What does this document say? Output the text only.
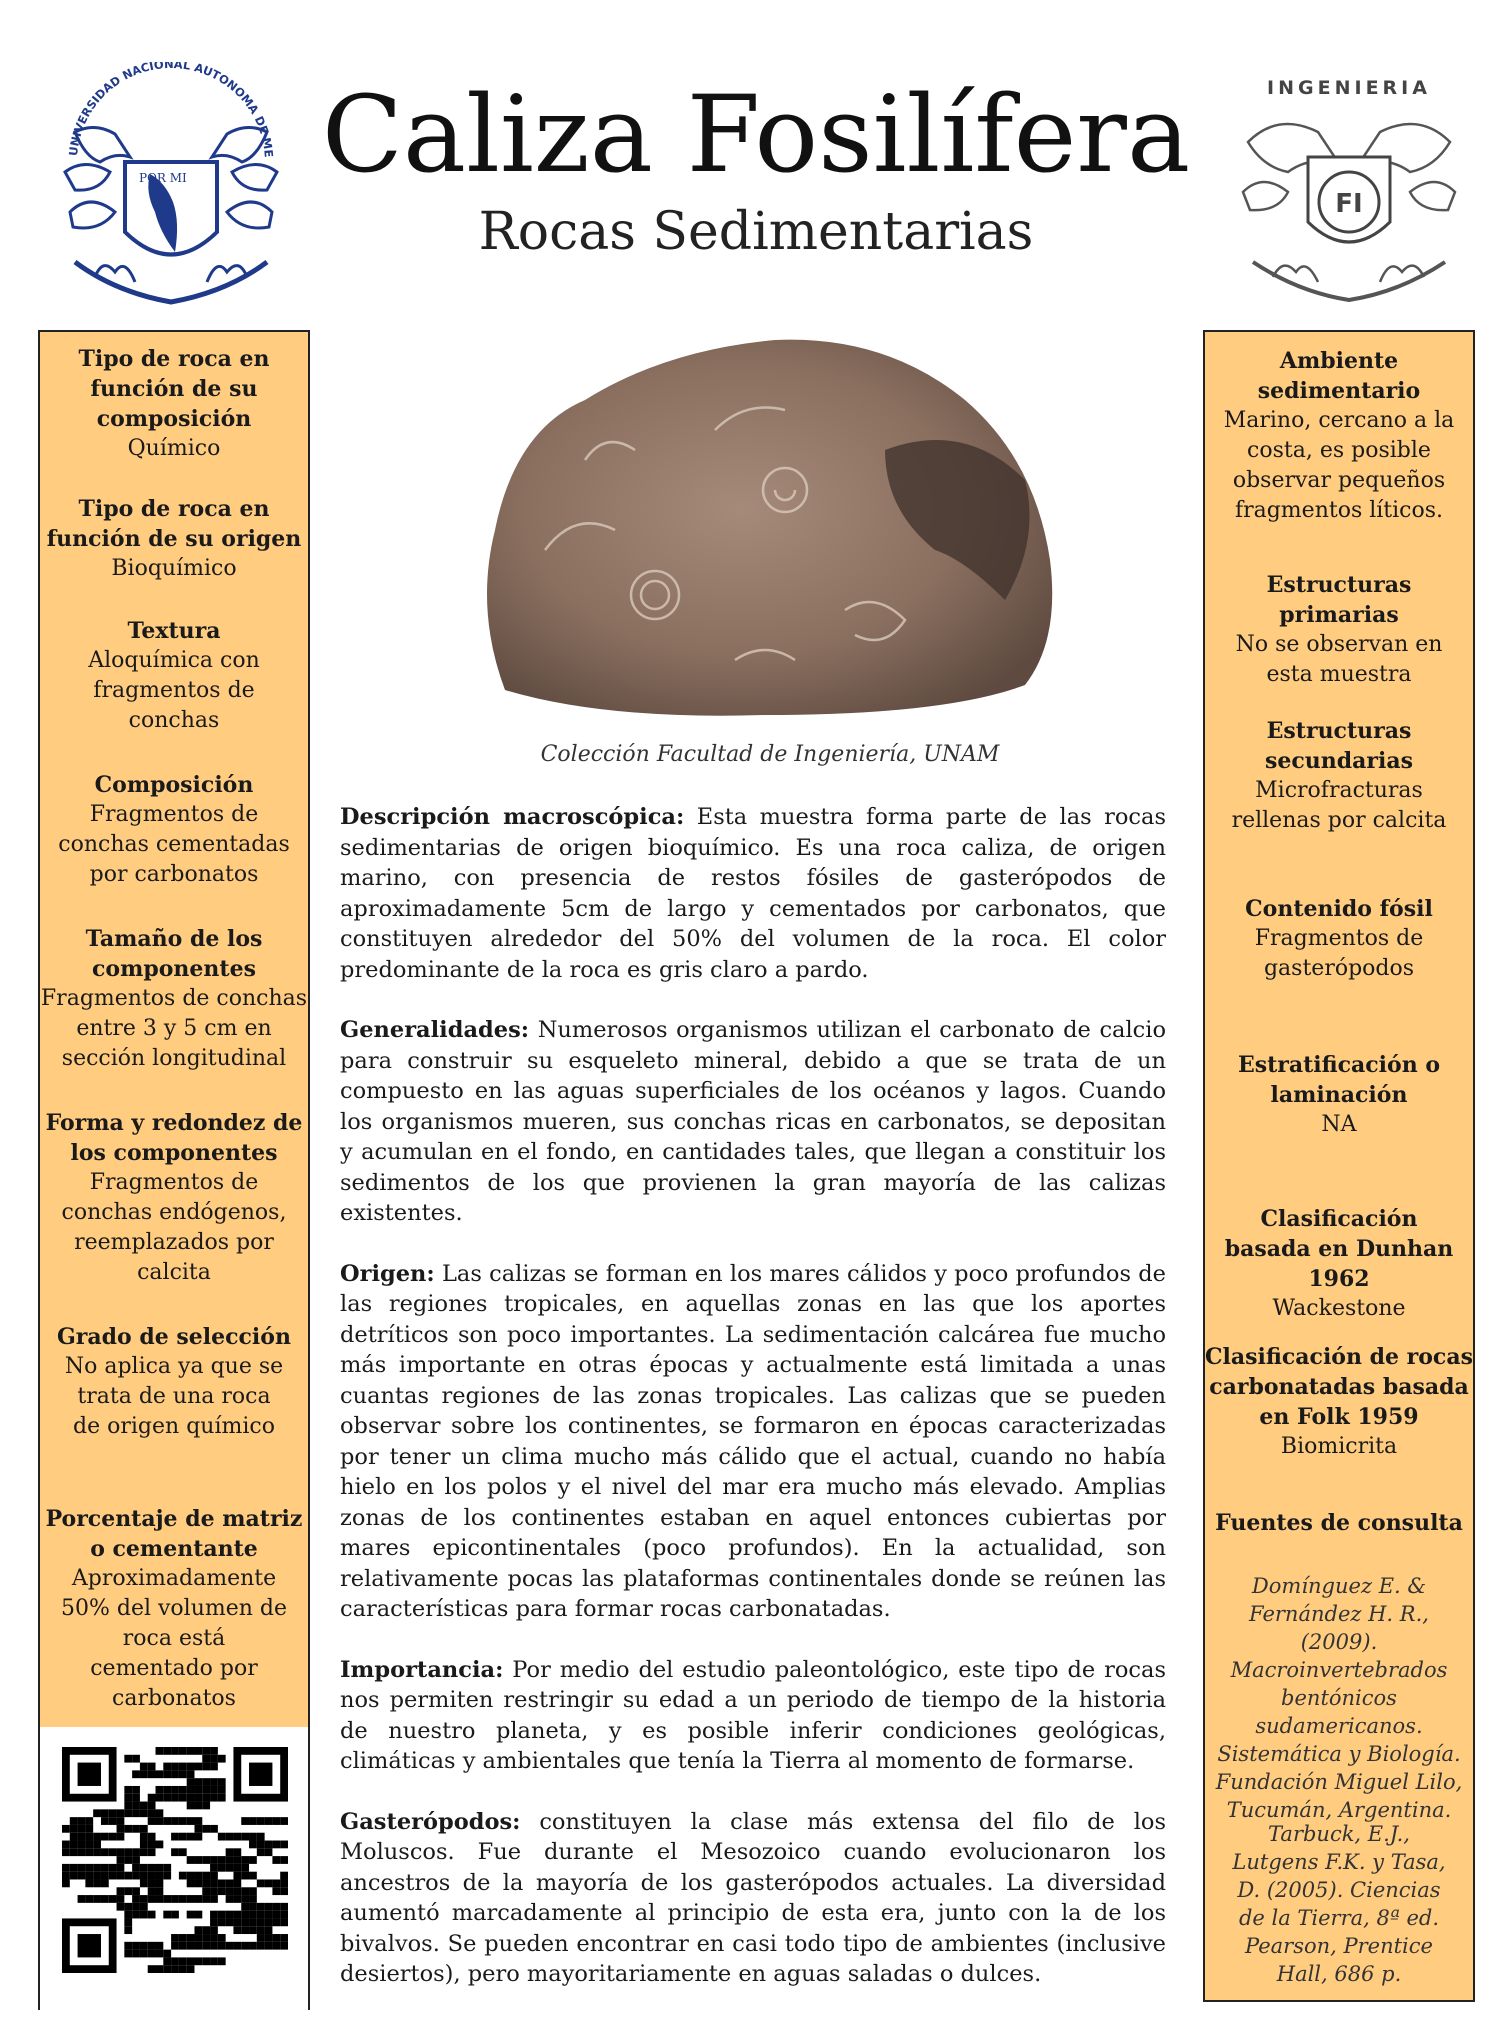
UNIVERSIDAD NACIONAL AUTONOMA DE ME
POR MI
INGENIERIA
FI
Caliza Fosilífera
Rocas Sedimentarias
Tipo de roca en función de su composición
Químico
Tipo de roca en función de su origen
Bioquímico
Textura
Aloquímica con fragmentos de conchas
Composición
Fragmentos de conchas cementadas por carbonatos
Tamaño de los componentes
Fragmentos de conchas entre 3 y 5 cm en sección longitudinal
Forma y redondez de los componentes
Fragmentos de conchas endógenos, reemplazados por calcita
Grado de selección
No aplica ya que se trata de una roca de origen químico
Porcentaje de matriz o cementante
Aproximadamente 50% del volumen de roca está cementado por carbonatos
Colección Facultad de Ingeniería, UNAM

Descripción macroscópica: Esta muestra forma parte de las rocas sedimentarias de origen bioquímico. Es una roca caliza, de origen marino, con presencia de restos fósiles de gasterópodos de aproximadamente 5cm de largo y cementados por carbonatos, que constituyen alrededor del 50% del volumen de la roca. El color predominante de la roca es gris claro a pardo.

Generalidades: Numerosos organismos utilizan el carbonato de calcio para construir su esqueleto mineral, debido a que se trata de un compuesto en las aguas superficiales de los océanos y lagos. Cuando los organismos mueren, sus conchas ricas en carbonatos, se depositan y acumulan en el fondo, en cantidades tales, que llegan a constituir los sedimentos de los que provienen la gran mayoría de las calizas existentes.

Origen: Las calizas se forman en los mares cálidos y poco profundos de las regiones tropicales, en aquellas zonas en las que los aportes detríticos son poco importantes. La sedimentación calcárea fue mucho más importante en otras épocas y actualmente está limitada a unas cuantas regiones de las zonas tropicales. Las calizas que se pueden observar sobre los continentes, se formaron en épocas caracterizadas por tener un clima mucho más cálido que el actual, cuando no había hielo en los polos y el nivel del mar era mucho más elevado. Amplias zonas de los continentes estaban en aquel entonces cubiertas por mares epicontinentales (poco profundos). En la actualidad, son relativamente pocas las plataformas continentales donde se reúnen las características para formar rocas carbonatadas.

Importancia: Por medio del estudio paleontológico, este tipo de rocas nos permiten restringir su edad a un periodo de tiempo de la historia de nuestro planeta, y es posible inferir condiciones geológicas, climáticas y ambientales que tenía la Tierra al momento de formarse.

Gasterópodos: constituyen la clase más extensa del filo de los Moluscos. Fue durante el Mesozoico cuando evolucionaron los ancestros de la mayoría de los gasterópodos actuales. La diversidad aumentó marcadamente al principio de esta era, junto con la de los bivalvos. Se pueden encontrar en casi todo tipo de ambientes (inclusive desiertos), pero mayoritariamente en aguas saladas o dulces.

Ambiente sedimentario
Marino, cercano a la costa, es posible observar pequeños fragmentos líticos.
Estructuras primarias
No se observan en esta muestra
Estructuras secundarias
Microfracturas rellenas por calcita
Contenido fósil
Fragmentos de gasterópodos
Estratificación o laminación
NA
Clasificación basada en Dunhan 1962
Wackestone
Clasificación de rocas carbonatadas basada en Folk 1959
Biomicrita
Fuentes de consulta
Domínguez E. & Fernández H. R., (2009). Macroinvertebrados bentónicos sudamericanos. Sistemática y Biología. Fundación Miguel Lilo, Tucumán, Argentina.
Tarbuck, E.J., Lutgens F.K. y Tasa, D. (2005). Ciencias de la Tierra, 8ª ed. Pearson, Prentice Hall, 686 p.
